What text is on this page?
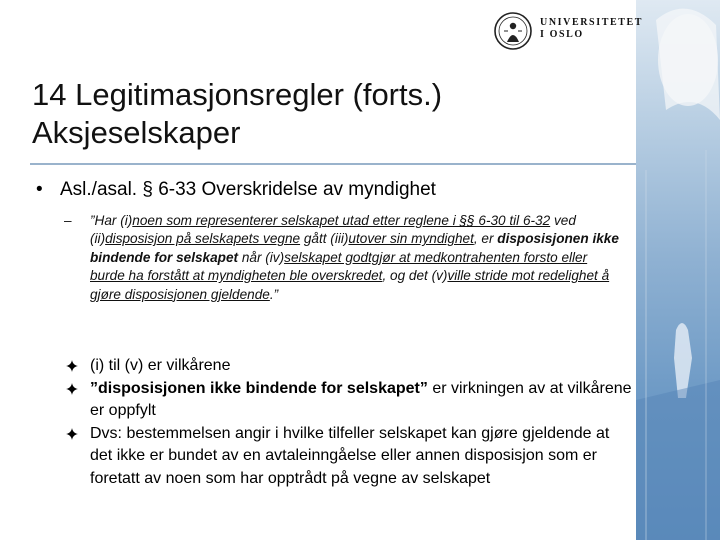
UNIVERSITETET
I OSLO
14 Legitimasjonsregler (forts.)
Aksjeselskaper
• Asl./asal. § 6-33 Overskridelse av myndighet
– ”Har (i)noen som representerer selskapet utad etter reglene i §§ 6-30 til 6-32 ved (ii)disposisjon på selskapets vegne gått (iii)utover sin myndighet, er disposisjonen ikke bindende for selskapet når (iv)selskapet godtgjør at medkontrahenten forsto eller burde ha forstått at myndigheten ble overskredet, og det (v)ville stride mot redelighet å gjøre disposisjonen gjeldende.”
(i) til (v) er vilkårene
”disposisjonen ikke bindende for selskapet” er virkningen av at vilkårene er oppfylt
Dvs: bestemmelsen angir i hvilke tilfeller selskapet kan gjøre gjeldende at det ikke er bundet av en avtaleinngåelse eller annen disposisjon som er foretatt av noen som har opptrådt på vegne av selskapet
